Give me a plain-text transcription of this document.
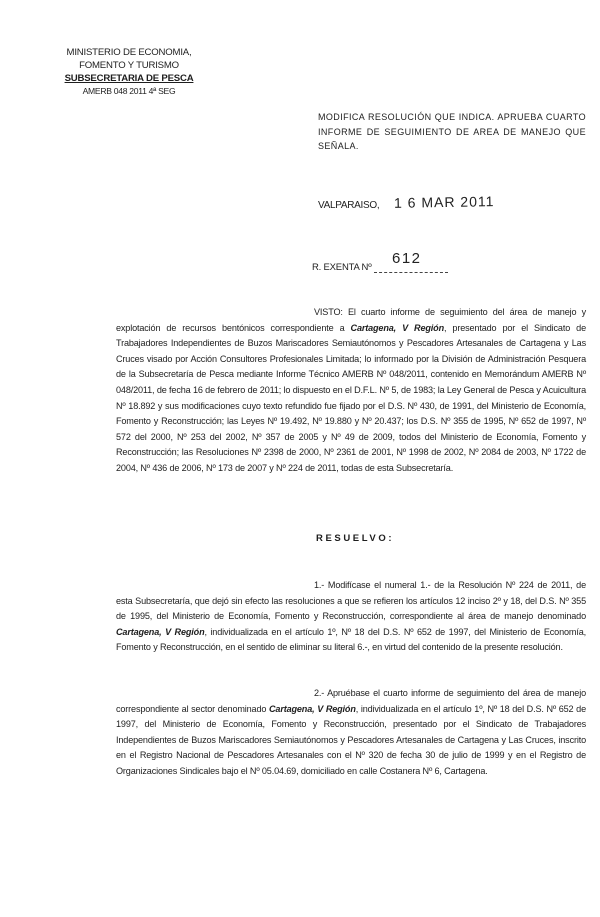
MINISTERIO DE ECONOMIA,
FOMENTO Y TURISMO
SUBSECRETARIA DE PESCA
AMERB 048 2011 4ª SEG
MODIFICA RESOLUCIÓN QUE INDICA. APRUEBA CUARTO INFORME DE SEGUIMIENTO DE AREA DE MANEJO QUE SEÑALA.
VALPARAISO, 1 6 MAR 2011
R. EXENTA Nº
612

VISTO: El cuarto informe de seguimiento del área de manejo y explotación de recursos bentónicos correspondiente a Cartagena, V Región, presentado por el Sindicato de Trabajadores Independientes de Buzos Mariscadores Semiautónomos y Pescadores Artesanales de Cartagena y Las Cruces visado por Acción Consultores Profesionales Limitada; lo informado por la División de Administración Pesquera de la Subsecretaría de Pesca mediante Informe Técnico AMERB Nº 048/2011, contenido en Memorándum AMERB Nº 048/2011, de fecha 16 de febrero de 2011; lo dispuesto en el D.F.L. Nº 5, de 1983; la Ley General de Pesca y Acuicultura Nº 18.892 y sus modificaciones cuyo texto refundido fue fijado por el D.S. Nº 430, de 1991, del Ministerio de Economía, Fomento y Reconstrucción; las Leyes Nº 19.492, Nº 19.880 y Nº 20.437; los D.S. Nº 355 de 1995, Nº 652 de 1997, Nº 572 del 2000, Nº 253 del 2002, Nº 357 de 2005 y Nº 49 de 2009, todos del Ministerio de Economía, Fomento y Reconstrucción; las Resoluciones Nº 2398 de 2000, Nº 2361 de 2001, Nº 1998 de 2002, Nº 2084 de 2003, Nº 1722 de 2004, Nº 436 de 2006, Nº 173 de 2007 y Nº 224 de 2011, todas de esta Subsecretaría.

RESUELVO:

1.- Modifícase el numeral 1.- de la Resolución Nº 224 de 2011, de esta Subsecretaría, que dejó sin efecto las resoluciones a que se refieren los artículos 12 inciso 2º y 18, del D.S. Nº 355 de 1995, del Ministerio de Economía, Fomento y Reconstrucción, correspondiente al área de manejo denominado Cartagena, V Región, individualizada en el artículo 1º, Nº 18 del D.S. Nº 652 de 1997, del Ministerio de Economía, Fomento y Reconstrucción, en el sentido de eliminar su literal 6.-, en virtud del contenido de la presente resolución.

2.- Apruébase el cuarto informe de seguimiento del área de manejo correspondiente al sector denominado Cartagena, V Región, individualizada en el artículo 1º, Nº 18 del D.S. Nº 652 de 1997, del Ministerio de Economía, Fomento y Reconstrucción, presentado por el Sindicato de Trabajadores Independientes de Buzos Mariscadores Semiautónomos y Pescadores Artesanales de Cartagena y Las Cruces, inscrito en el Registro Nacional de Pescadores Artesanales con el Nº 320 de fecha 30 de julio de 1999 y en el Registro de Organizaciones Sindicales bajo el Nº 05.04.69, domiciliado en calle Costanera Nº 6, Cartagena.
